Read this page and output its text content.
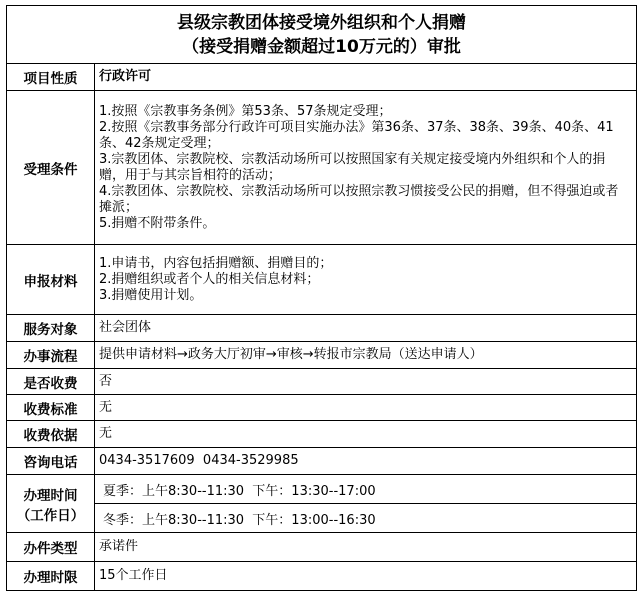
县级宗教团体接受境外组织和个人捐赠
（接受捐赠金额超过10万元的）审批	

项目性质	行政许可
受理条件	1.按照《宗教事务条例》第53条、57条规定受理；
2.按照《宗教事务部分行政许可项目实施办法》第36条、37条、38条、39条、40条、41条、42条规定受理；
3.宗教团体、宗教院校、宗教活动场所可以按照国家有关规定接受境内外组织和个人的捐赠，用于与其宗旨相符的活动；
4.宗教团体、宗教院校、宗教活动场所可以按照宗教习惯接受公民的捐赠，但不得强迫或者摊派；
5.捐赠不附带条件。

申报材料	1.申请书，内容包括捐赠额、捐赠目的；
2.捐赠组织或者个人的相关信息材料；
3.捐赠使用计划。

服务对象	社会团体
办事流程	提供申请材料→政务大厅初审→审核→转报市宗教局（送达申请人）
是否收费	否
收费标准	无
收费依据	无
咨询电话	0434-3517609  0434-3529985

办理时间
（工作日）	夏季：上午8:30--11:30  下午：13:30--17:00
	冬季：上午8:30--11:30  下午：13:00--16:30
办件类型	承诺件
办理时限	15个工作日
